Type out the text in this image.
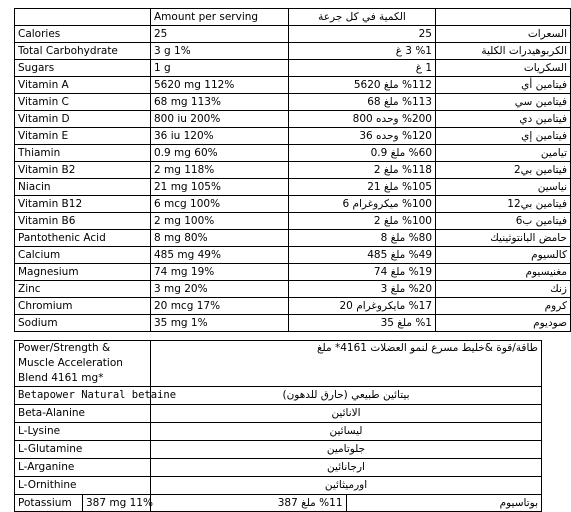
	Amount per serving	الكمية في كل جرعة	
Calories	25	25	السعرات
Total Carbohydrate	3 g 1%	%1 3 غ	الكربوهيدرات الكلية
Sugars	1 g	1 غ	السكريات
Vitamin A	5620 mg 112%	%112 ملغ 5620	فيتامين أي
Vitamin C	68 mg 113%	%113 ملغ 68	فيتامين سي
Vitamin D	800 iu 200%	%200 وحده 800	فيتامين دي
Vitamin E	36 iu 120%	%120 وحده 36	فيتامين إي
Thiamin	0.9 mg 60%	%60 ملغ 0.9	تيامين
Vitamin B2	2 mg 118%	%118 ملغ 2	فيتامين بي2
Niacin	21 mg 105%	%105 ملغ 21	نياسين
Vitamin B12	6 mcg 100%	%100 ميكروغرام 6	فيتامين بي12
Vitamin B6	2 mg 100%	%100 ملغ 2	فيتامين ب6
Pantothenic Acid	8 mg 80%	%80 ملغ 8	حامض البانتوثينيك
Calcium	485 mg 49%	%49 ملغ 485	كالسيوم
Magnesium	74 mg 19%	%19 ملغ 74	مغنيسيوم
Zinc	3 mg 20%	%20 ملغ 3	زنك
Chromium	20 mcg 17%	%17 مايكروغرام 20	كروم
Sodium	35 mg 1%	%1 ملغ 35	صوديوم
Power/Strength & Muscle Acceleration Blend 4161 mg*		طاقة/قوة &خليط مسرع لنمو العضلات 4161* ملغ	
Betapower Natural betaine		بيتائين طبيعي (حارق للدهون)	
Beta-Alanine		الانائين	
L-Lysine		ليسائين	
L-Glutamine		جلوتامين	
L-Arganine		ارجانائين	
L-Ornithine		اورميثائين	
Potassium	387 mg 11%	%11 ملغ 387	بوتاسيوم
